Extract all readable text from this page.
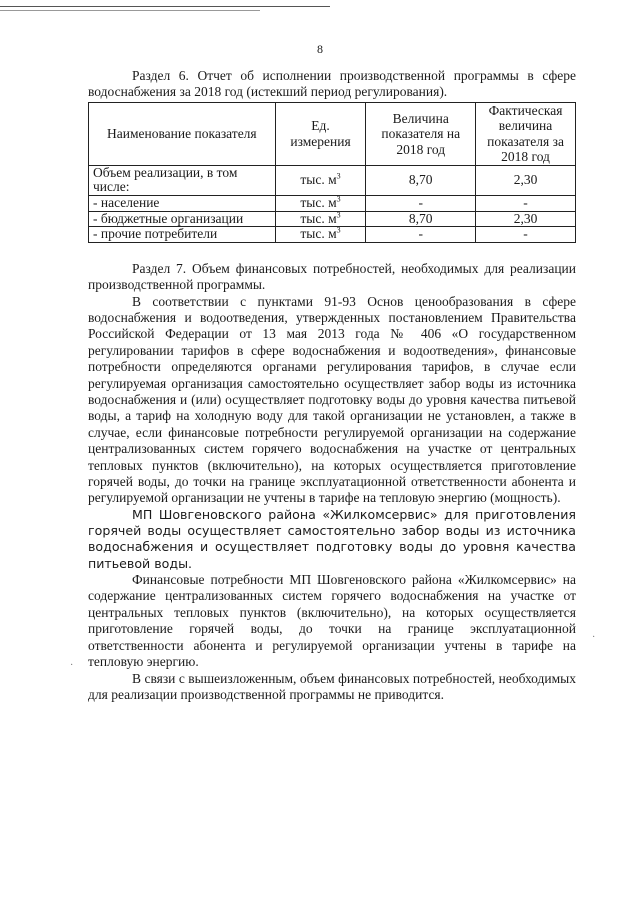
8
·
·

Раздел 6. Отчет об исполнении производственной программы в сфере водоснабжения за 2018 год (истекший период регулирования).

Наименование показателя	Ед. измерения	Величина показателя на 2018 год	Фактическая величина показателя за 2018 год
Объем реализации, в том числе:	тыс. $м^3$	8,70	2,30
- население	тыс. $м^3$	-	-
- бюджетные организации	тыс. $м^3$	8,70	2,30
- прочие потребители	тыс. $м^3$	-	-

Раздел 7. Объем финансовых потребностей, необходимых для реализации производственной программы.

В соответствии с пунктами 91-93 Основ ценообразования в сфере водоснабжения и водоотведения, утвержденных постановлением Правительства Российской Федерации от 13 мая 2013 года № 406 «О государственном регулировании тарифов в сфере водоснабжения и водоотведения», финансовые потребности определяются органами регулирования тарифов, в случае если регулируемая организация самостоятельно осуществляет забор воды из источника водоснабжения и (или) осуществляет подготовку воды до уровня качества питьевой воды, а тариф на холодную воду для такой организации не установлен, а также в случае, если финансовые потребности регулируемой организации на содержание централизованных систем горячего водоснабжения на участке от центральных тепловых пунктов (включительно), на которых осуществляется приготовление горячей воды, до точки на границе эксплуатационной ответственности абонента и регулируемой организации не учтены в тарифе на тепловую энергию (мощность).

МП Шовгеновского района «Жилкомсервис» для приготовления горячей воды осуществляет самостоятельно забор воды из источника водоснабжения и осуществляет подготовку воды до уровня качества питьевой воды.

Финансовые потребности МП Шовгеновского района «Жилкомсервис» на содержание централизованных систем горячего водоснабжения на участке от центральных тепловых пунктов (включительно), на которых осуществляется приготовление горячей воды, до точки на границе эксплуатационной ответственности абонента и регулируемой организации учтены в тарифе на тепловую энергию.

В связи с вышеизложенным, объем финансовых потребностей, необходимых для реализации производственной программы не приводится.
